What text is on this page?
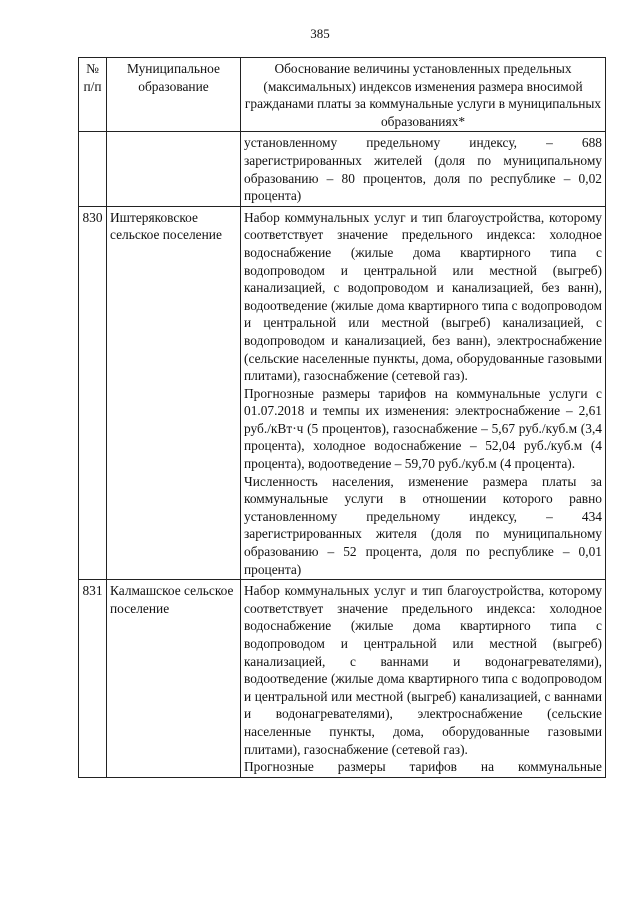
385
№ п/п	Муниципальное образование	Обоснование величины установленных предельных (максимальных) индексов изменения размера вносимой гражданами платы за коммунальные услуги в муниципальных образованиях*

		установленному предельному индексу, – 688 зарегистрированных жителей (доля по муниципальному образованию – 80 процентов, доля по республике – 0,02 процента)

830	Иштеряковское сельское поселение	Набор коммунальных услуг и тип благоустройства, которому соответствует значение предельного индекса: холодное водоснабжение (жилые дома квартирного типа с водопроводом и центральной или местной (выгреб) канализацией, с водопроводом и канализацией, без ванн), водоотведение (жилые дома квартирного типа с водопроводом и центральной или местной (выгреб) канализацией, с водопроводом и канализацией, без ванн), электроснабжение (сельские населенные пункты, дома, оборудованные газовыми плитами), газоснабжение (сетевой газ).

Прогнозные размеры тарифов на коммунальные услуги с 01.07.2018 и темпы их изменения: электроснабжение – 2,61 руб./кВт·ч (5 процентов), газоснабжение – 5,67 руб./куб.м (3,4 процента), холодное водоснабжение – 52,04 руб./куб.м (4 процента), водоотведение – 59,70 руб./куб.м (4 процента).

Численность населения, изменение размера платы за коммунальные услуги в отношении которого равно установленному предельному индексу, – 434 зарегистрированных жителя (доля по муниципальному образованию – 52 процента, доля по республике – 0,01 процента)

831	Калмашское сельское поселение	Набор коммунальных услуг и тип благоустройства, которому соответствует значение предельного индекса: холодное водоснабжение (жилые дома квартирного типа с водопроводом и центральной или местной (выгреб) канализацией, с ваннами и водонагревателями), водоотведение (жилые дома квартирного типа с водопроводом и центральной или местной (выгреб) канализацией, с ваннами и водонагревателями), электроснабжение (сельские населенные пункты, дома, оборудованные газовыми плитами), газоснабжение (сетевой газ).

Прогнозные размеры тарифов на коммунальные
